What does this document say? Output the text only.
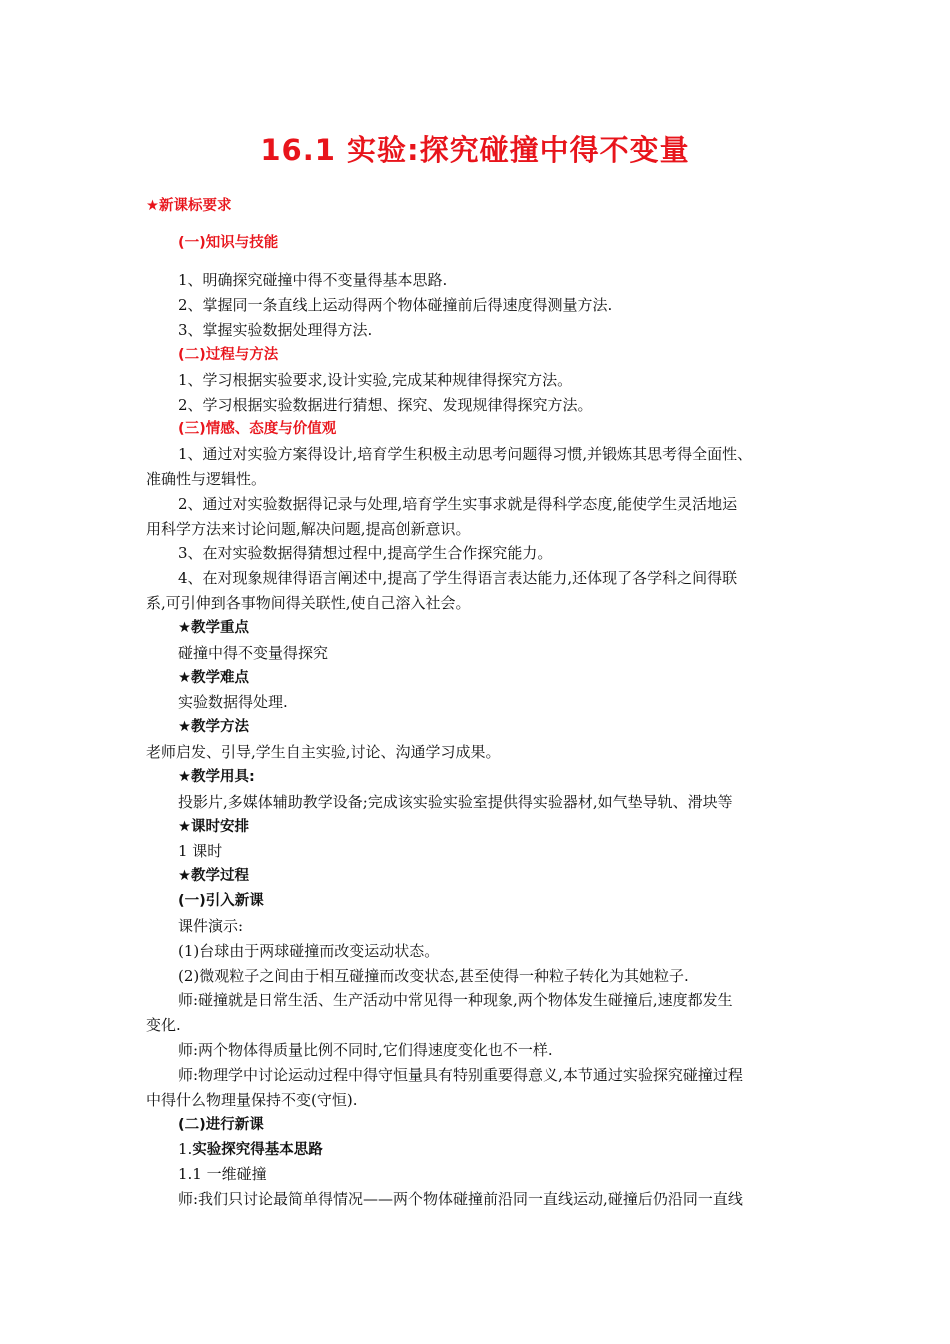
16.1 实验:探究碰撞中得不变量
★新课标要求
(一)知识与技能
1、明确探究碰撞中得不变量得基本思路.
2、掌握同一条直线上运动得两个物体碰撞前后得速度得测量方法.
3、掌握实验数据处理得方法.
(二)过程与方法
1、学习根据实验要求,设计实验,完成某种规律得探究方法。
2、学习根据实验数据进行猜想、探究、发现规律得探究方法。
(三)情感、态度与价值观
1、通过对实验方案得设计,培育学生积极主动思考问题得习惯,并锻炼其思考得全面性、
准确性与逻辑性。
2、通过对实验数据得记录与处理,培育学生实事求就是得科学态度,能使学生灵活地运
用科学方法来讨论问题,解决问题,提高创新意识。
3、在对实验数据得猜想过程中,提高学生合作探究能力。
4、在对现象规律得语言阐述中,提高了学生得语言表达能力,还体现了各学科之间得联
系,可引伸到各事物间得关联性,使自己溶入社会。
★教学重点
碰撞中得不变量得探究
★教学难点
实验数据得处理.
★教学方法
老师启发、引导,学生自主实验,讨论、沟通学习成果。
★教学用具:
投影片,多媒体辅助教学设备;完成该实验实验室提供得实验器材,如气垫导轨、滑块等
★课时安排
1 课时
★教学过程
(一)引入新课
课件演示:
(1)台球由于两球碰撞而改变运动状态。
(2)微观粒子之间由于相互碰撞而改变状态,甚至使得一种粒子转化为其她粒子.
师:碰撞就是日常生活、生产活动中常见得一种现象,两个物体发生碰撞后,速度都发生
变化.
师:两个物体得质量比例不同时,它们得速度变化也不一样.
师:物理学中讨论运动过程中得守恒量具有特别重要得意义,本节通过实验探究碰撞过程
中得什么物理量保持不变(守恒).
(二)进行新课
1.实验探究得基本思路
1.1 一维碰撞
师:我们只讨论最简单得情况——两个物体碰撞前沿同一直线运动,碰撞后仍沿同一直线
